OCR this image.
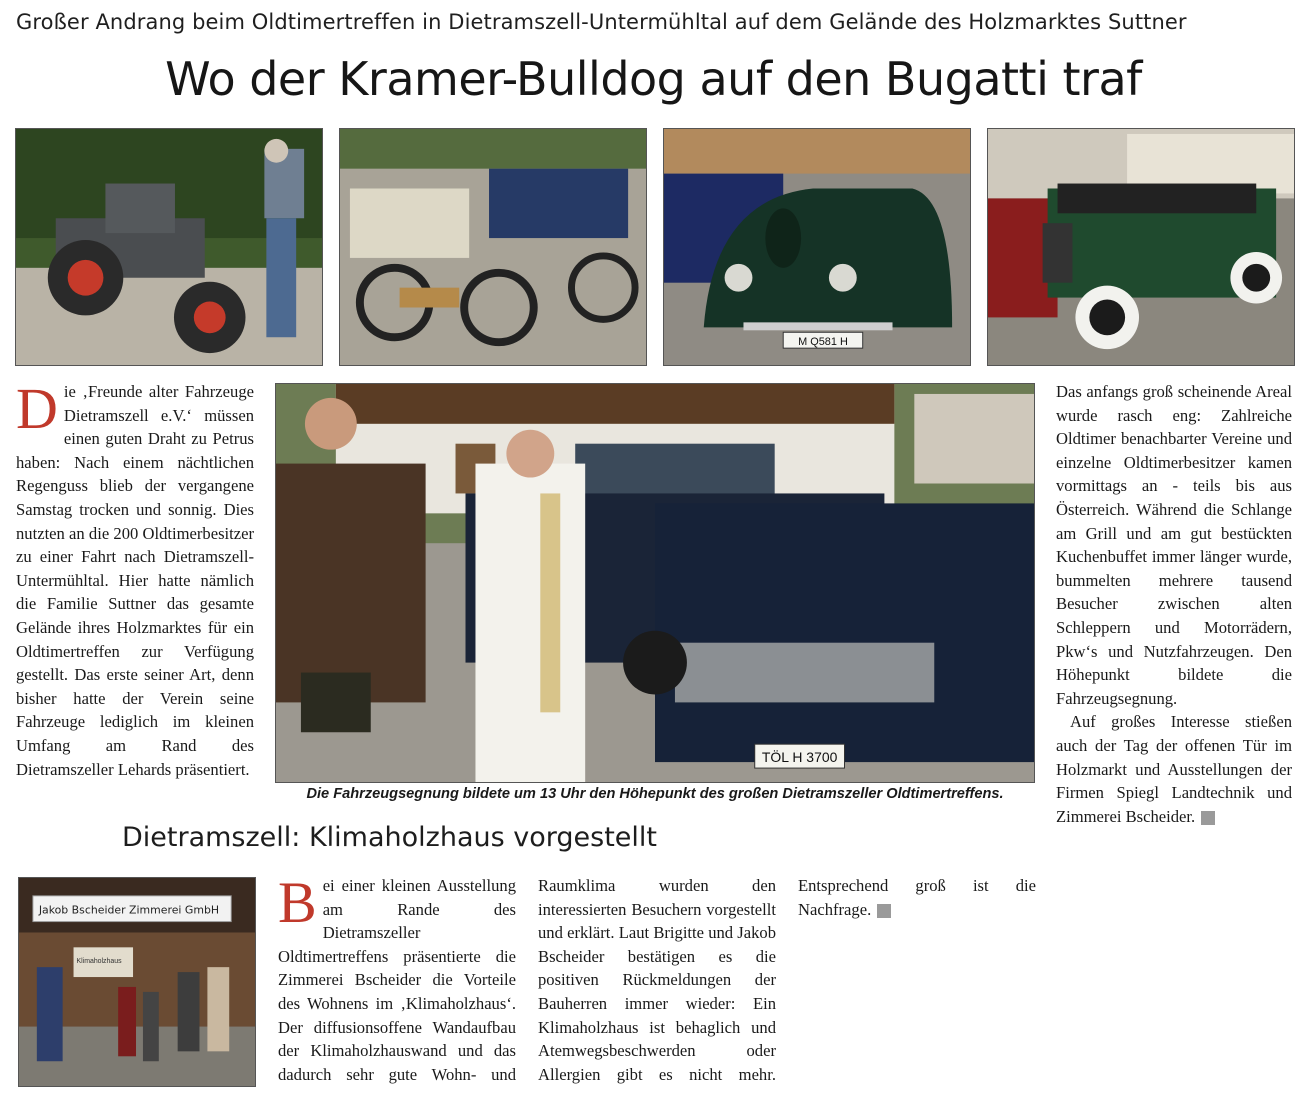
Großer Andrang beim Oldtimertreffen in Dietramszell-Untermühltal auf dem Gelände des Holzmarktes Suttner
Wo der Kramer-Bulldog auf den Bugatti traf
M Q581 H

Die ‚Freunde alter Fahrzeuge Dietramszell e.V.‘ müssen einen guten Draht zu Petrus haben: Nach einem nächtlichen Regenguss blieb der vergangene Samstag trocken und sonnig. Dies nutzten an die 200 Oldtimerbesitzer zu einer Fahrt nach Dietramszell-Untermühltal. Hier hatte nämlich die Familie Suttner das gesamte Gelände ihres Holzmarktes für ein Oldtimertreffen zur Verfügung gestellt. Das erste seiner Art, denn bisher hatte der Verein seine Fahrzeuge lediglich im kleinen Umfang am Rand des Dietramszeller Lehards präsentiert.

TÖL H 3700
Die Fahrzeugsegnung bildete um 13 Uhr den Höhepunkt des großen Dietramszeller Oldtimertreffens.

Das anfangs groß scheinende Areal wurde rasch eng: Zahlreiche Oldtimer benachbarter Vereine und einzelne Oldtimerbesitzer kamen vormittags an - teils bis aus Österreich. Während die Schlange am Grill und am gut bestückten Kuchenbuffet immer länger wurde, bummelten mehrere tausend Besucher zwischen alten Schleppern und Motorrädern, Pkw‘s und Nutzfahrzeugen. Den Höhepunkt bildete die Fahrzeugsegnung.

Auf großes Interesse stießen auch der Tag der offenen Tür im Holzmarkt und Ausstellungen der Firmen Spiegl Landtechnik und Zimmerei Bscheider.

Dietramszell: Klimaholzhaus vorgestellt
Jakob Bscheider Zimmerei GmbH
Klimaholzhaus

Bei einer kleinen Ausstellung am Rande des Dietramszeller Oldtimertreffens präsentierte die Zimmerei Bscheider die Vorteile des Wohnens im ‚Klimaholzhaus‘. Der diffusionsoffene Wandaufbau der Klimaholzhauswand und das dadurch sehr gute Wohn- und Raumklima wurden den interessierten Besuchern vorgestellt und erklärt. Laut Brigitte und Jakob Bscheider bestätigen es die positiven Rückmeldungen der Bauherren immer wieder: Ein Klimaholzhaus ist behaglich und Atemwegsbeschwerden oder Allergien gibt es nicht mehr. Entsprechend groß ist die Nachfrage.
